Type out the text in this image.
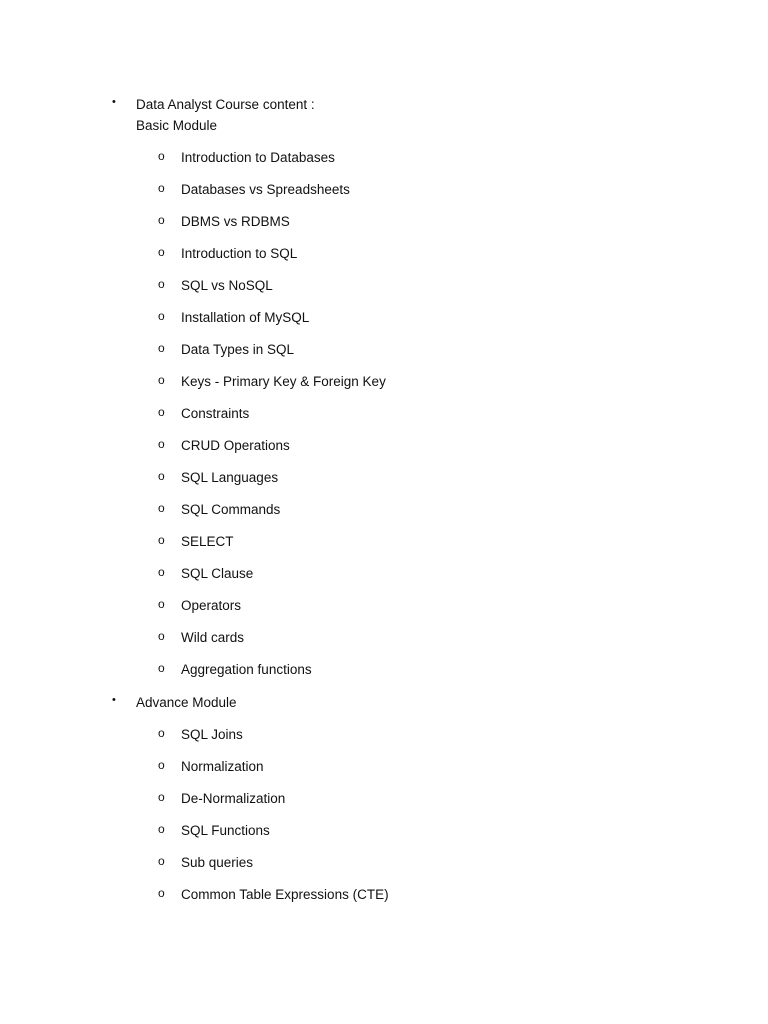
• Data Analyst Course content :
Basic Module
o Introduction to Databases
o Databases vs Spreadsheets
o DBMS vs RDBMS
o Introduction to SQL
o SQL vs NoSQL
o Installation of MySQL
o Data Types in SQL
o Keys - Primary Key & Foreign Key
o Constraints
o CRUD Operations
o SQL Languages
o SQL Commands
o SELECT
o SQL Clause
o Operators
o Wild cards
o Aggregation functions
• Advance Module
o SQL Joins
o Normalization
o De-Normalization
o SQL Functions
o Sub queries
o Common Table Expressions (CTE)
